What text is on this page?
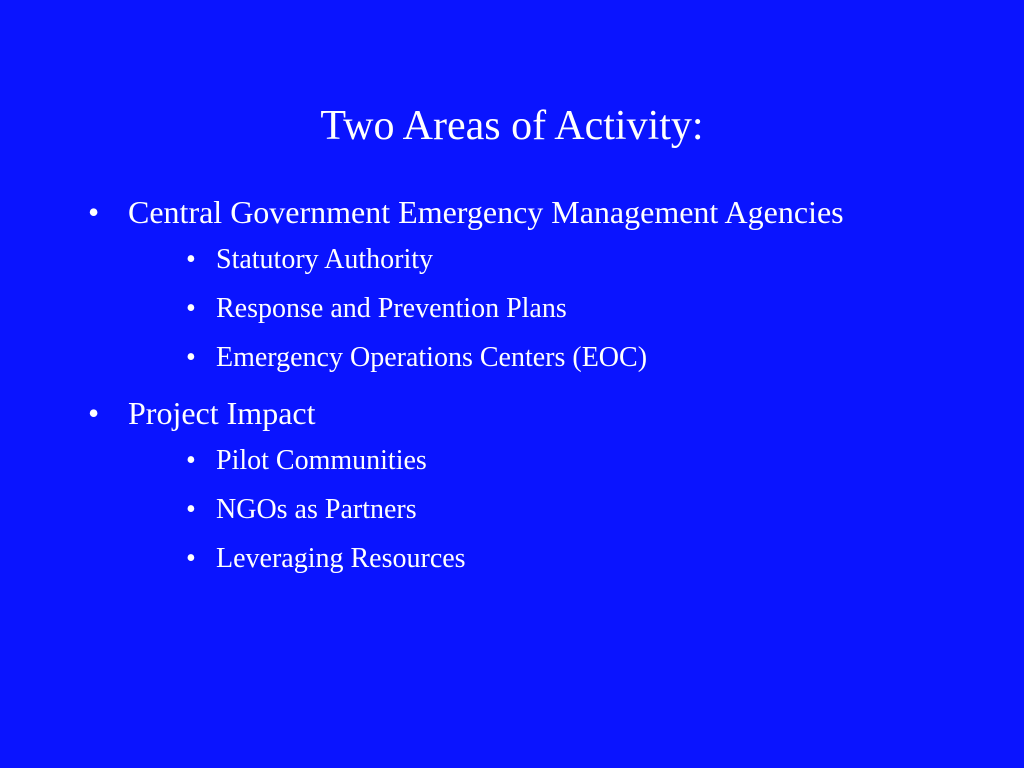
Two Areas of Activity:
• Central Government Emergency Management Agencies
• Statutory Authority
• Response and Prevention Plans
• Emergency Operations Centers (EOC)
• Project Impact
• Pilot Communities
• NGOs as Partners
• Leveraging Resources
